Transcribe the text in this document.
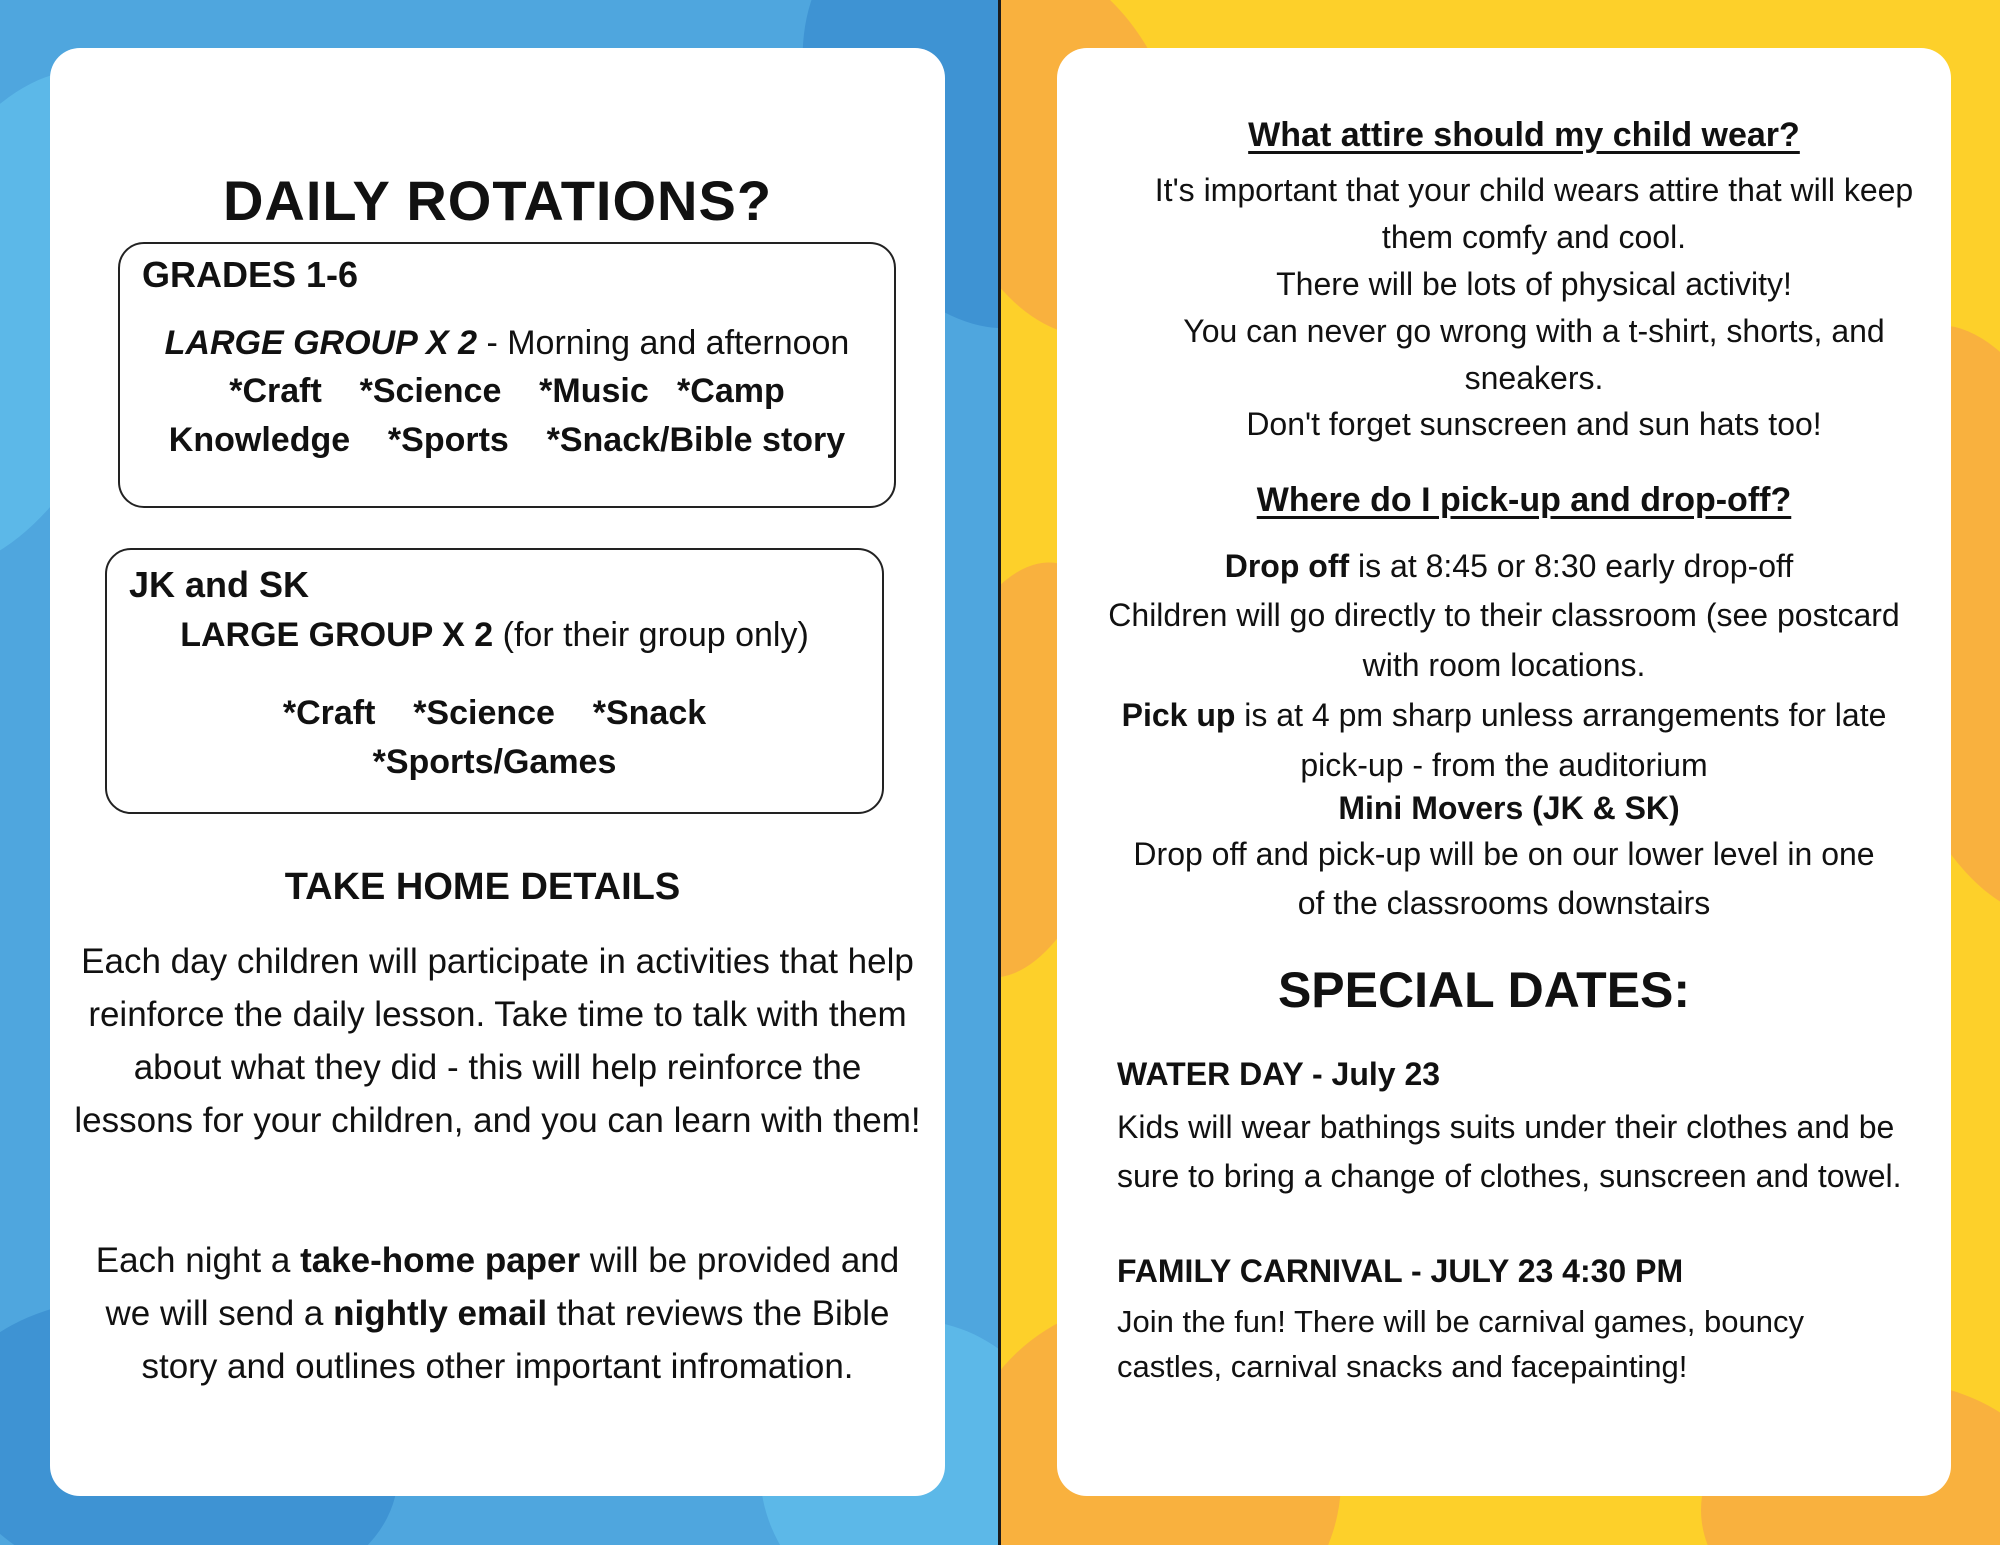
DAILY ROTATIONS?
GRADES 1-6
LARGE GROUP X 2 - Morning and afternoon
*Craft    *Science    *Music   *Camp
Knowledge    *Sports    *Snack/Bible story
JK and SK
LARGE GROUP X 2 (for their group only)
*Craft    *Science    *Snack
*Sports/Games
TAKE HOME DETAILS
Each day children will participate in activities that help reinforce the daily lesson. Take time to talk with them about what they did - this will help reinforce the lessons for your children, and you can learn with them!
Each night a take-home paper will be provided and we will send a nightly email that reviews the Bible story and outlines other important infromation.
What attire should my child wear?
It's important that your child wears attire that will keep them comfy and cool.
There will be lots of physical activity!
You can never go wrong with a t-shirt, shorts, and sneakers.
Don't forget sunscreen and sun hats too!
Where do I pick-up and drop-off?
Drop off is at 8:45 or 8:30 early drop-off
Children will go directly to their classroom (see postcard with room locations.
Pick up is at 4 pm sharp unless arrangements for late pick-up - from the auditorium
Mini Movers (JK & SK)
Drop off and pick-up will be on our lower level in one of the classrooms downstairs
SPECIAL DATES:
WATER DAY - July 23
Kids will wear bathings suits under their clothes and be sure to bring a change of clothes, sunscreen and towel.
FAMILY CARNIVAL - JULY 23 4:30 PM
Join the fun! There will be carnival games, bouncy castles, carnival snacks and facepainting!
